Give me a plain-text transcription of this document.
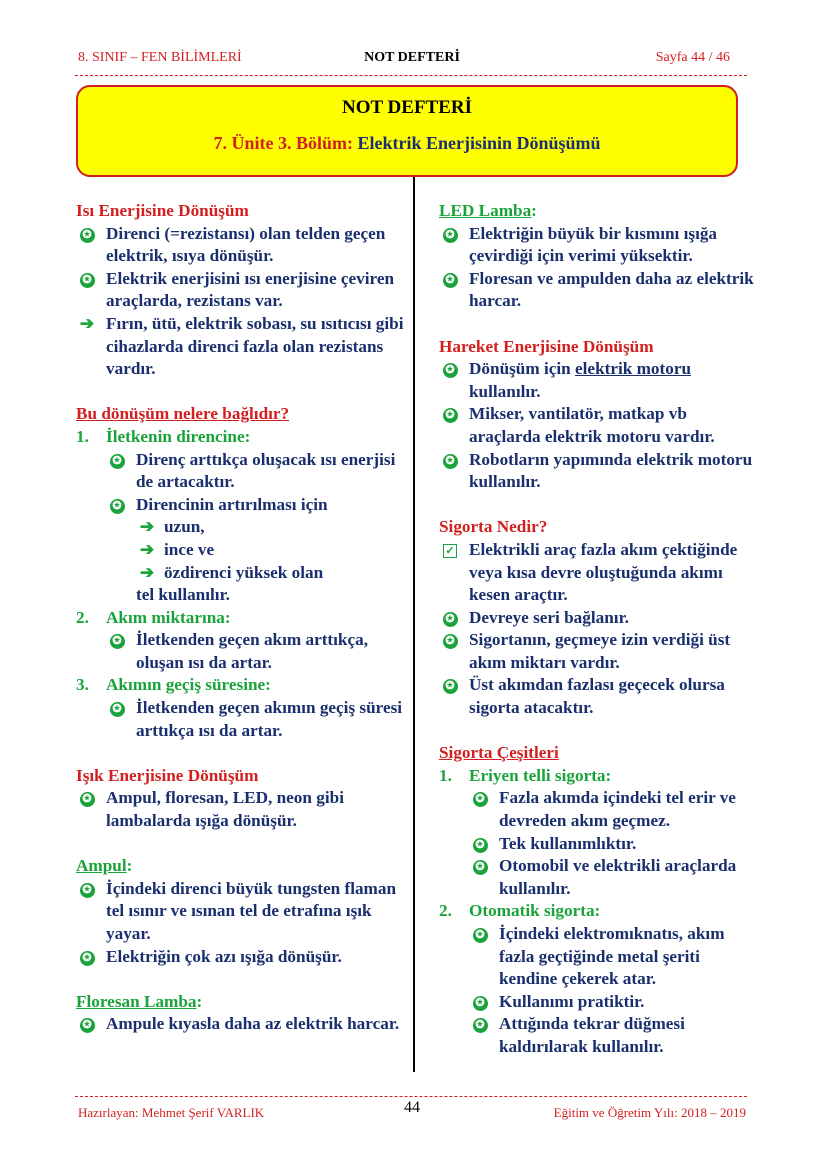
8. SINIF – FEN BİLİMLERİ	NOT DEFTERİ	Sayfa 44 / 46
NOT DEFTERİ
7. Ünite 3. Bölüm: Elektrik Enerjisinin Dönüşümü
Isı Enerjisine Dönüşüm
✪ Direnci (=rezistansı) olan telden geçen elektrik, ısıya dönüşür.
✪ Elektrik enerjisini ısı enerjisine çeviren araçlarda, rezistans var.
➔ Fırın, ütü, elektrik sobası, su ısıtıcısı gibi cihazlarda direnci fazla olan rezistans vardır.
Bu dönüşüm nelere bağlıdır?
1. İletkenin direncine:
✪ Direnç arttıkça oluşacak ısı enerjisi de artacaktır.
✪ Direncinin artırılması için
➔ uzun,
➔ ince ve
➔ özdirenci yüksek olan
tel kullanılır.
2. Akım miktarına:
✪ İletkenden geçen akım arttıkça, oluşan ısı da artar.
3. Akımın geçiş süresine:
✪ İletkenden geçen akımın geçiş süresi arttıkça ısı da artar.
Işık Enerjisine Dönüşüm
✪ Ampul, floresan, LED, neon gibi lambalarda ışığa dönüşür.
Ampul:
✪ İçindeki direnci büyük tungsten flaman tel ısınır ve ısınan tel de etrafına ışık yayar.
✪ Elektriğin çok azı ışığa dönüşür.
Floresan Lamba:
✪ Ampule kıyasla daha az elektrik harcar.
LED Lamba:
✪ Elektriğin büyük bir kısmını ışığa çevirdiği için verimi yüksektir.
✪ Floresan ve ampulden daha az elektrik harcar.
Hareket Enerjisine Dönüşüm
✪ Dönüşüm için elektrik motoru kullanılır.
✪ Mikser, vantilatör, matkap vb araçlarda elektrik motoru vardır.
✪ Robotların yapımında elektrik motoru kullanılır.
Sigorta Nedir?
✓ Elektrikli araç fazla akım çektiğinde veya kısa devre oluştuğunda akımı kesen araçtır.
✪ Devreye seri bağlanır.
✪ Sigortanın, geçmeye izin verdiği üst akım miktarı vardır.
✪ Üst akımdan fazlası geçecek olursa sigorta atacaktır.
Sigorta Çeşitleri
1. Eriyen telli sigorta:
✪ Fazla akımda içindeki tel erir ve devreden akım geçmez.
✪ Tek kullanımlıktır.
✪ Otomobil ve elektrikli araçlarda kullanılır.
2. Otomatik sigorta:
✪ İçindeki elektromıknatıs, akım fazla geçtiğinde metal şeriti kendine çekerek atar.
✪ Kullanımı pratiktir.
✪ Attığında tekrar düğmesi kaldırılarak kullanılır.
Hazırlayan: Mehmet Şerif VARLIK	44	Eğitim ve Öğretim Yılı: 2018 – 2019
